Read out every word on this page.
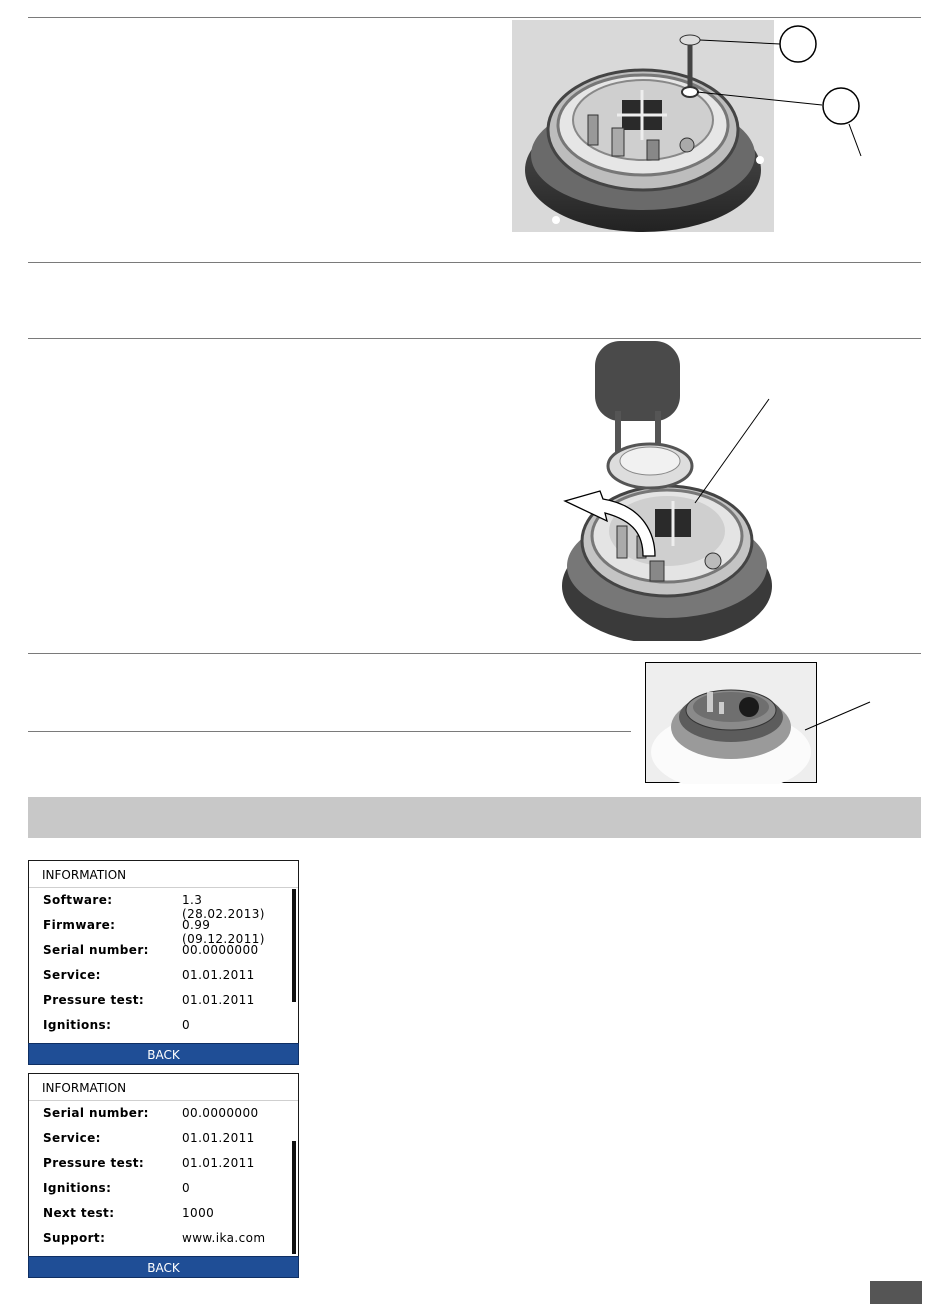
INFORMATION
Software:	1.3 (28.02.2013)
Firmware:	0.99 (09.12.2011)
Serial number:	00.0000000
Service:	01.01.2011
Pressure test:	01.01.2011
Ignitions:	0
BACK
INFORMATION
Serial number:	00.0000000
Service:	01.01.2011
Pressure test:	01.01.2011
Ignitions:	0
Next test:	1000
Support:	www.ika.com
BACK
